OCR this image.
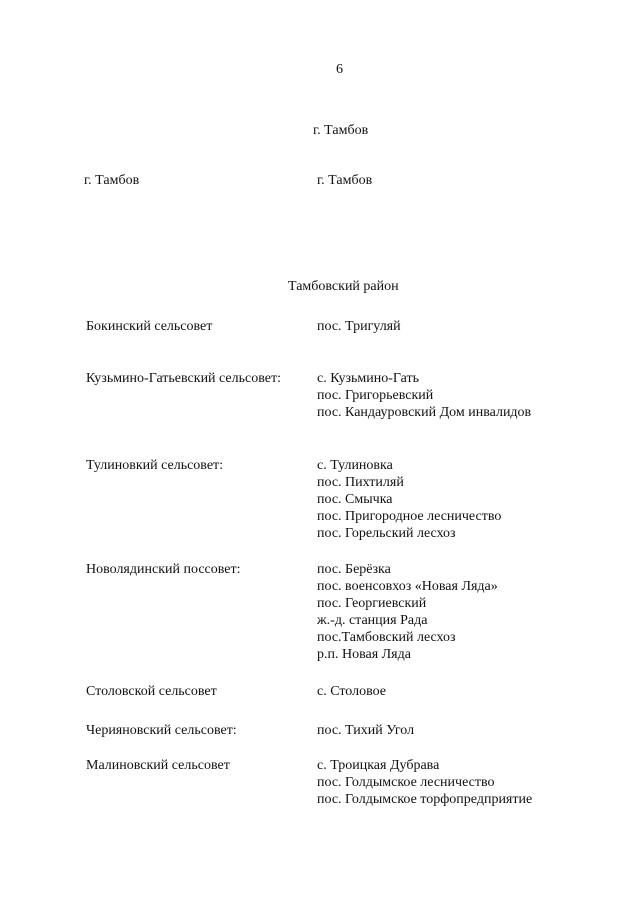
6
г. Тамбов
г. Тамбов	г. Тамбов
Тамбовский район
Бокинский сельсовет	пос. Тригуляй
Кузьмино-Гатьевский сельсовет:	с. Кузьмино-Гать
пос. Григорьевский
пос. Кандауровский Дом инвалидов
Тулиновкий сельсовет:	с. Тулиновка
пос. Пихтиляй
пос. Смычка
пос. Пригородное лесничество
пос. Горельский лесхоз
Новолядинский поссовет:	пос. Берёзка
пос. военсовхоз «Новая Ляда»
пос. Георгиевский
ж.-д. станция Рада
пос.Тамбовский лесхоз
р.п. Новая Ляда
Столовской сельсовет	с. Столовое
Черияновский сельсовет:	пос. Тихий Угол
Малиновский сельсовет	с. Троицкая Дубрава
пос. Голдымское лесничество
пос. Голдымское торфопредприятие
